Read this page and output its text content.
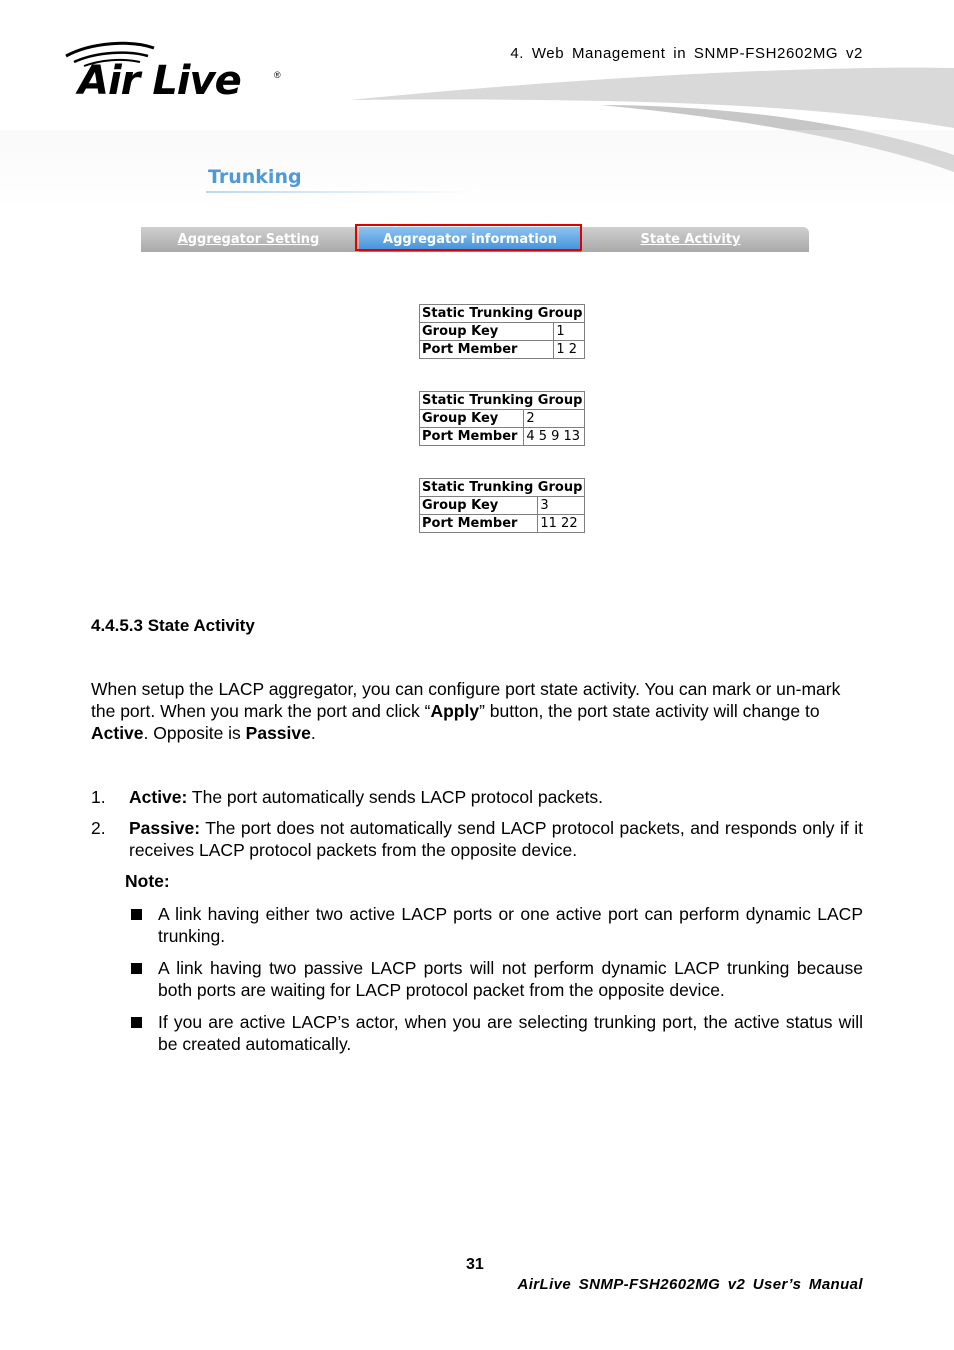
4. Web Management in SNMP-FSH2602MG v2
Air Live	®
Trunking
Aggregator Setting	Aggregator information	State Activity
Static Trunking Group	
Group Key	1
Port Member	1 2
Static Trunking Group	
Group Key	2
Port Member	4 5 9 13
Static Trunking Group	
Group Key	3
Port Member	11 22
4.4.5.3 State Activity
When setup the LACP aggregator, you can configure port state activity. You can mark or un-mark the port. When you mark the port and click “Apply” button, the port state activity will change to Active. Opposite is Passive.
1. Active: The port automatically sends LACP protocol packets.
2. Passive: The port does not automatically send LACP protocol packets, and responds only if it receives LACP protocol packets from the opposite device.
Note:
A link having either two active LACP ports or one active port can perform dynamic LACP trunking.
A link having two passive LACP ports will not perform dynamic LACP trunking because both ports are waiting for LACP protocol packet from the opposite device.
If you are active LACP’s actor, when you are selecting trunking port, the active status will be created automatically.
31
AirLive SNMP-FSH2602MG v2 User’s Manual
